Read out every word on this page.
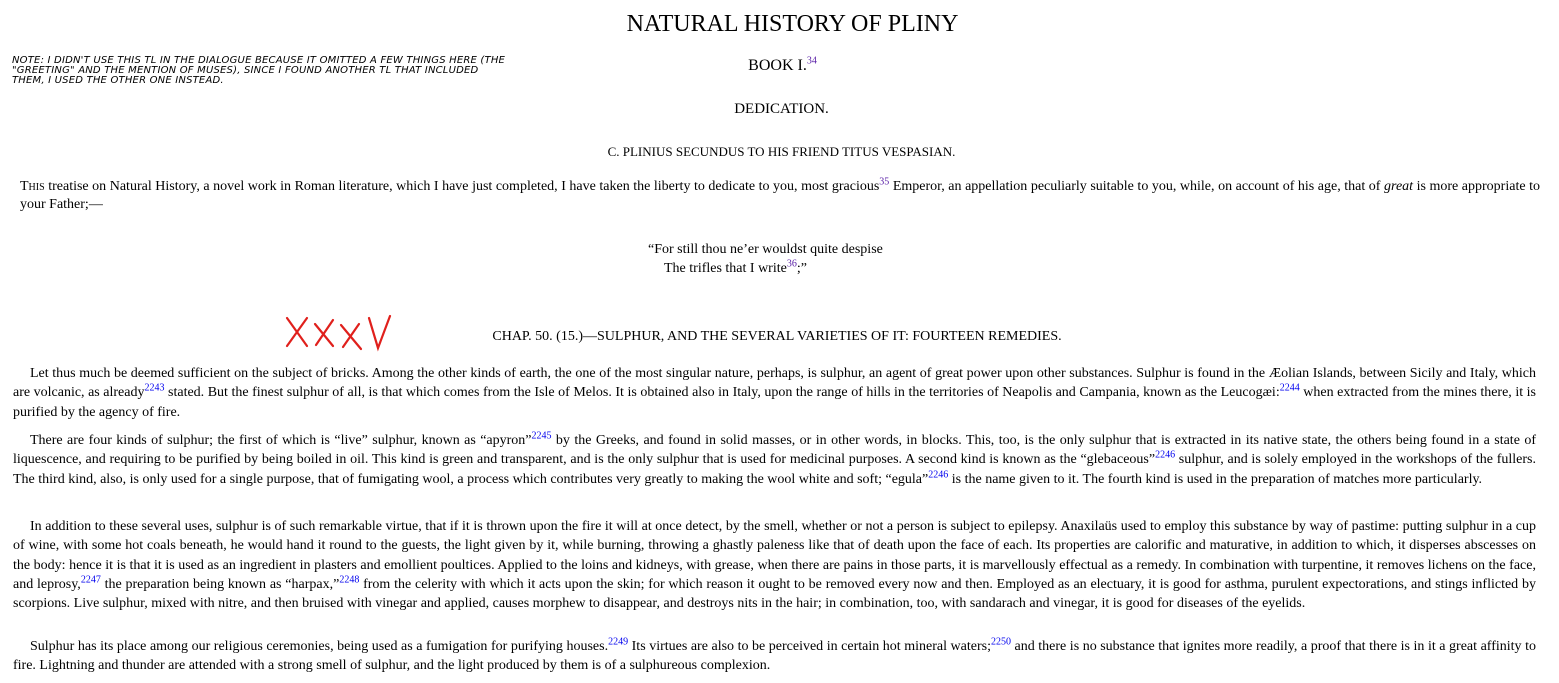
NATURAL HISTORY OF PLINY
NOTE: I DIDN'T USE THIS TL IN THE DIALOGUE BECAUSE IT OMITTED A FEW THINGS HERE (THE "GREETING" AND THE MENTION OF MUSES), SINCE I FOUND ANOTHER TL THAT INCLUDED THEM, I USED THE OTHER ONE INSTEAD.
BOOK I.$^{34}$
DEDICATION.
C. PLINIUS SECUNDUS TO HIS FRIEND TITUS VESPASIAN.
This treatise on Natural History, a novel work in Roman literature, which I have just completed, I have taken the liberty to dedicate to you, most gracious$^{35}$ Emperor, an appellation peculiarly suitable to you, while, on account of his age, that of great is more appropriate to your Father;—
“For still thou ne’er wouldst quite despise
The trifles that I write$^{36}$;”
CHAP. 50. (15.)—SULPHUR, AND THE SEVERAL VARIETIES OF IT: FOURTEEN REMEDIES.
Let thus much be deemed sufficient on the subject of bricks. Among the other kinds of earth, the one of the most singular nature, perhaps, is sulphur, an agent of great power upon other substances. Sulphur is found in the Æolian Islands, between Sicily and Italy, which are volcanic, as already$^{2243}$ stated. But the finest sulphur of all, is that which comes from the Isle of Melos. It is obtained also in Italy, upon the range of hills in the territories of Neapolis and Campania, known as the Leucogæi:$^{2244}$ when extracted from the mines there, it is purified by the agency of fire.
There are four kinds of sulphur; the first of which is “live” sulphur, known as “apyron”$^{2245}$ by the Greeks, and found in solid masses, or in other words, in blocks. This, too, is the only sulphur that is extracted in its native state, the others being found in a state of liquescence, and requiring to be purified by being boiled in oil. This kind is green and transparent, and is the only sulphur that is used for medicinal purposes. A second kind is known as the “glebaceous”$^{2246}$ sulphur, and is solely employed in the workshops of the fullers. The third kind, also, is only used for a single purpose, that of fumigating wool, a process which contributes very greatly to making the wool white and soft; “egula”$^{2246}$ is the name given to it. The fourth kind is used in the preparation of matches more particularly.
In addition to these several uses, sulphur is of such remarkable virtue, that if it is thrown upon the fire it will at once detect, by the smell, whether or not a person is subject to epilepsy. Anaxilaüs used to employ this substance by way of pastime: putting sulphur in a cup of wine, with some hot coals beneath, he would hand it round to the guests, the light given by it, while burning, throwing a ghastly paleness like that of death upon the face of each. Its properties are calorific and maturative, in addition to which, it disperses abscesses on the body: hence it is that it is used as an ingredient in plasters and emollient poultices. Applied to the loins and kidneys, with grease, when there are pains in those parts, it is marvellously effectual as a remedy. In combination with turpentine, it removes lichens on the face, and leprosy,$^{2247}$ the preparation being known as “harpax,”$^{2248}$ from the celerity with which it acts upon the skin; for which reason it ought to be removed every now and then. Employed as an electuary, it is good for asthma, purulent expectorations, and stings inflicted by scorpions. Live sulphur, mixed with nitre, and then bruised with vinegar and applied, causes morphew to disappear, and destroys nits in the hair; in combination, too, with sandarach and vinegar, it is good for diseases of the eyelids.
Sulphur has its place among our religious ceremonies, being used as a fumigation for purifying houses.$^{2249}$ Its virtues are also to be perceived in certain hot mineral waters;$^{2250}$ and there is no substance that ignites more readily, a proof that there is in it a great affinity to fire. Lightning and thunder are attended with a strong smell of sulphur, and the light produced by them is of a sulphureous complexion.
